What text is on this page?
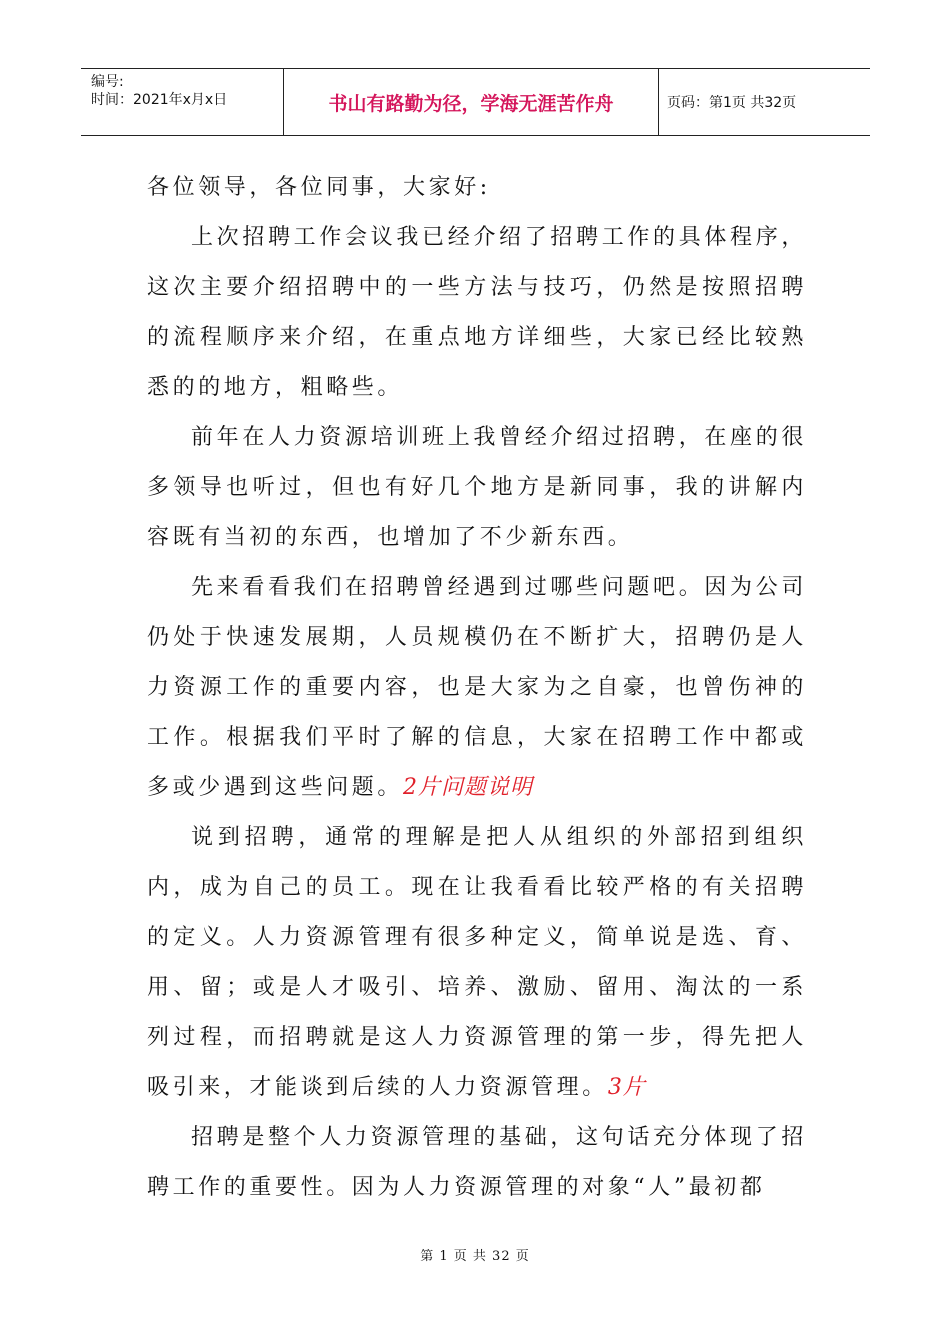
编号:
时间：2021年x月x日	书山有路勤为径，学海无涯苦作舟	页码：第1页 共32页

各位领导，各位同事，大家好:

上次招聘工作会议我已经介绍了招聘工作的具体程序，这次主要介绍招聘中的一些方法与技巧，仍然是按照招聘的流程顺序来介绍，在重点地方详细些，大家已经比较熟悉的的地方，粗略些。

前年在人力资源培训班上我曾经介绍过招聘，在座的很多领导也听过，但也有好几个地方是新同事，我的讲解内容既有当初的东西，也增加了不少新东西。

先来看看我们在招聘曾经遇到过哪些问题吧。因为公司仍处于快速发展期，人员规模仍在不断扩大，招聘仍是人力资源工作的重要内容，也是大家为之自豪，也曾伤神的工作。根据我们平时了解的信息，大家在招聘工作中都或多或少遇到这些问题。2片问题说明

说到招聘，通常的理解是把人从组织的外部招到组织内，成为自己的员工。现在让我看看比较严格的有关招聘的定义。人力资源管理有很多种定义，简单说是选、育、用、留；或是人才吸引、培养、激励、留用、淘汰的一系列过程，而招聘就是这人力资源管理的第一步，得先把人吸引来，才能谈到后续的人力资源管理。3片

招聘是整个人力资源管理的基础，这句话充分体现了招聘工作的重要性。因为人力资源管理的对象“人”最初都

第 1 页 共 32 页
